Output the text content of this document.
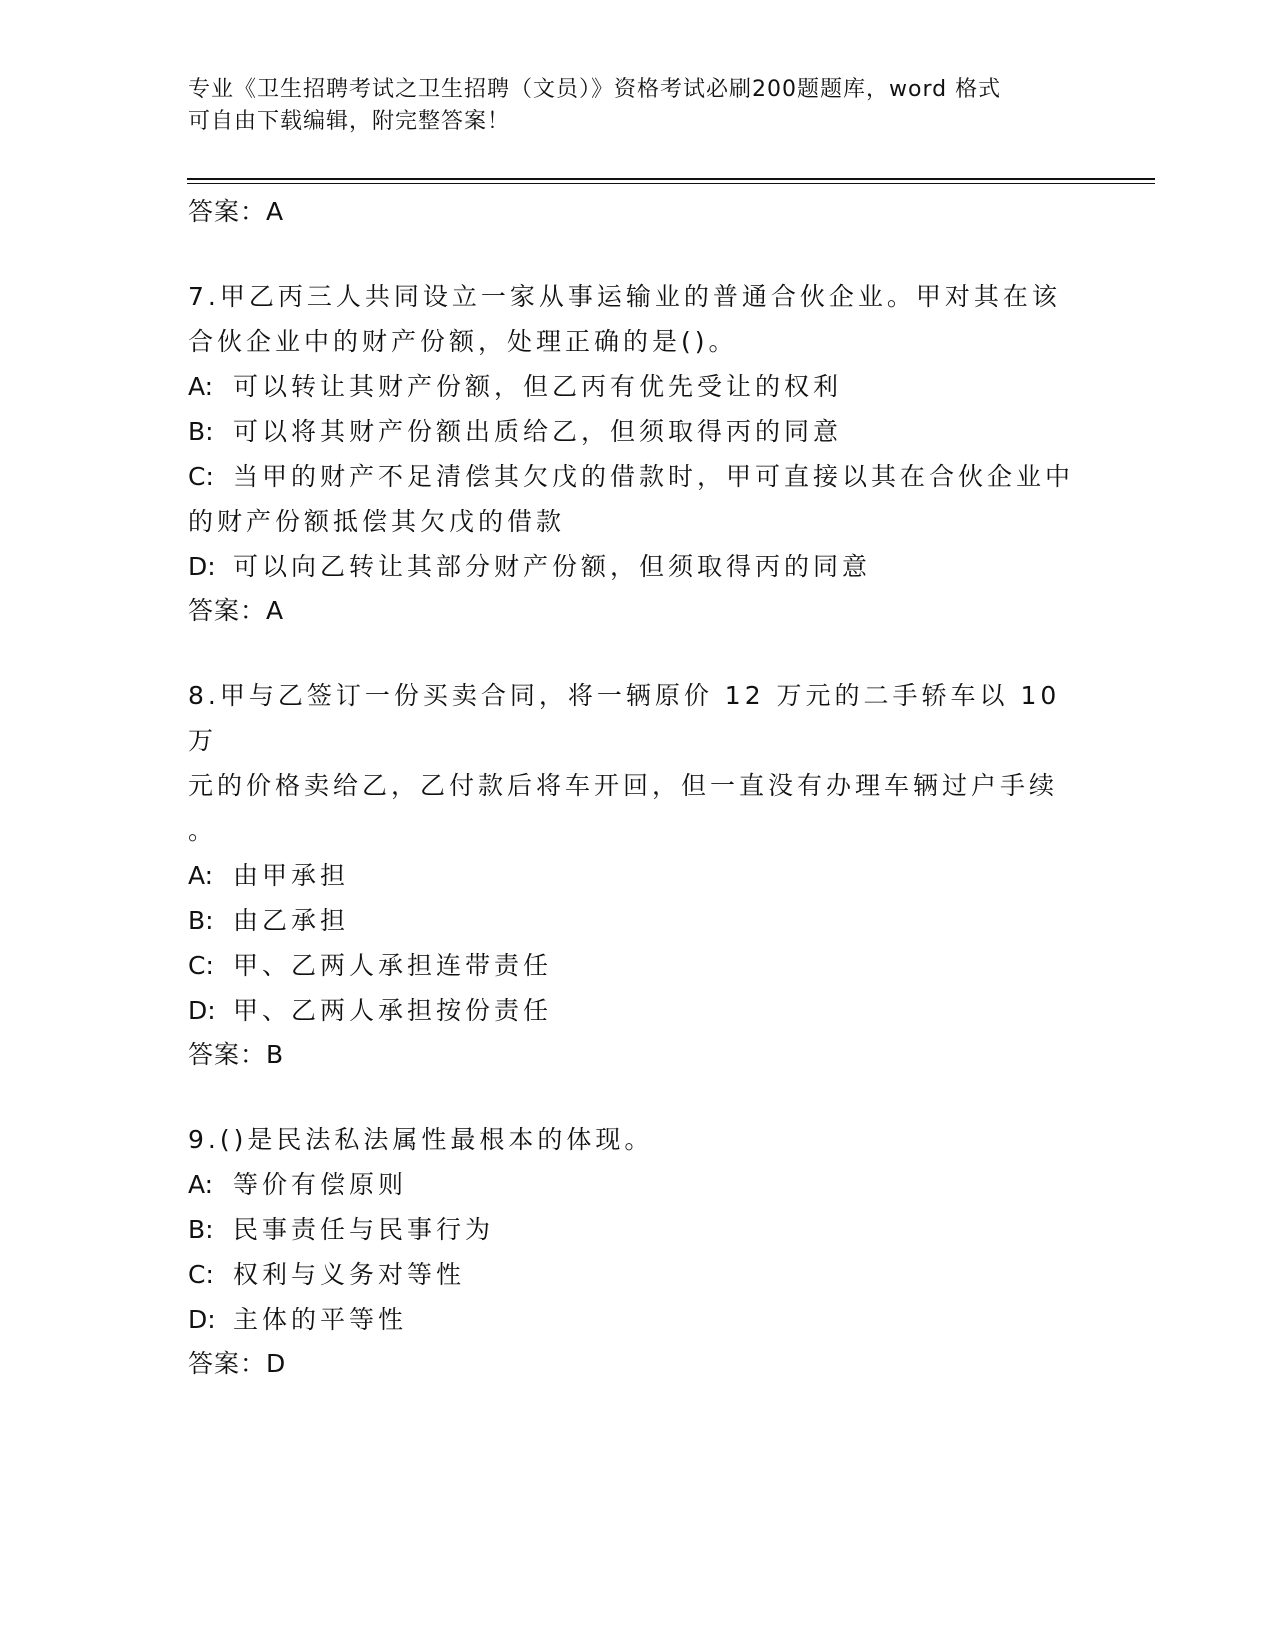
专业《卫生招聘考试之卫生招聘（文员）》资格考试必刷200题题库，word 格式
可自由下载编辑，附完整答案！
答案：A
7.甲乙丙三人共同设立一家从事运输业的普通合伙企业。甲对其在该
合伙企业中的财产份额，处理正确的是()。
A: 可以转让其财产份额，但乙丙有优先受让的权利
B: 可以将其财产份额出质给乙，但须取得丙的同意
C: 当甲的财产不足清偿其欠戊的借款时，甲可直接以其在合伙企业中
的财产份额抵偿其欠戊的借款
D: 可以向乙转让其部分财产份额，但须取得丙的同意
答案：A
8.甲与乙签订一份买卖合同，将一辆原价 12 万元的二手轿车以 10 万
元的价格卖给乙，乙付款后将车开回，但一直没有办理车辆过户手续
。
A: 由甲承担
B: 由乙承担
C: 甲、乙两人承担连带责任
D: 甲、乙两人承担按份责任
答案：B
9.()是民法私法属性最根本的体现。
A: 等价有偿原则
B: 民事责任与民事行为
C: 权利与义务对等性
D: 主体的平等性
答案：D
